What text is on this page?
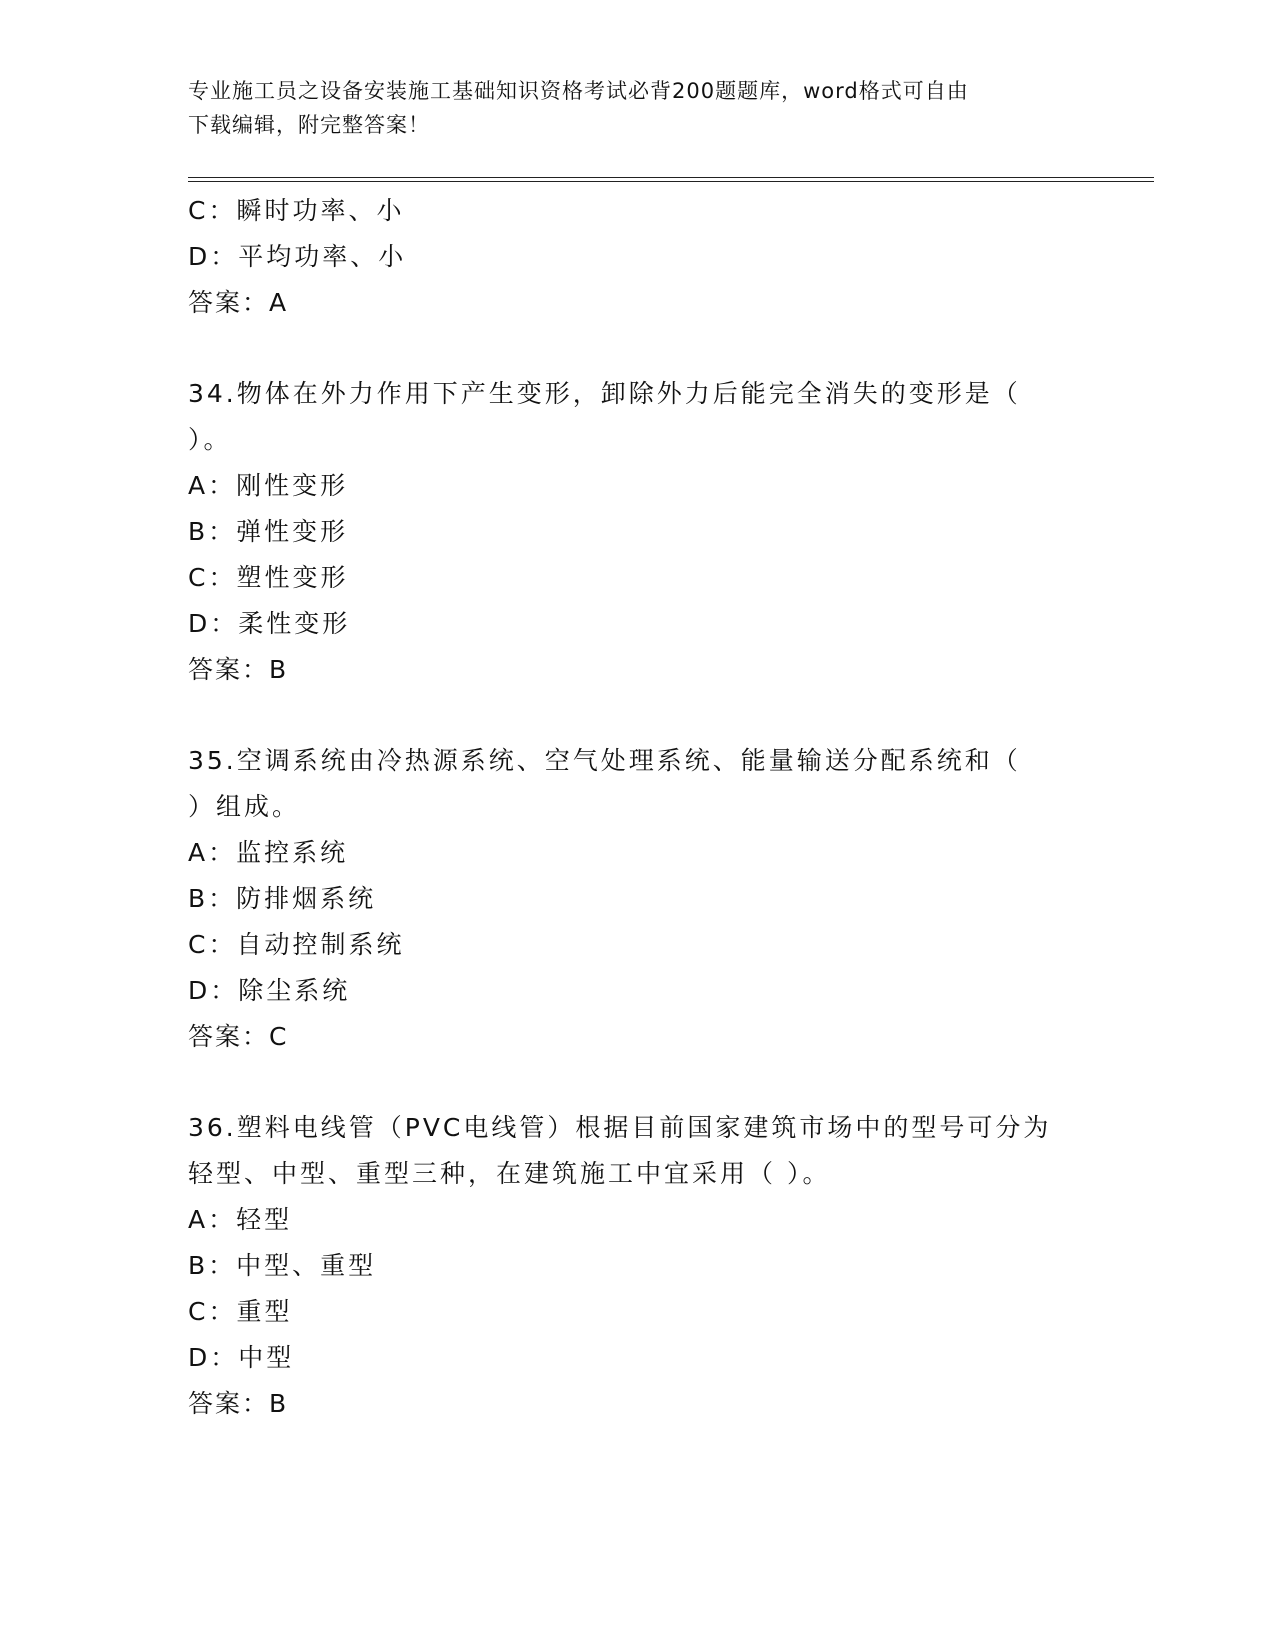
专业施工员之设备安装施工基础知识资格考试必背200题题库，word格式可自由
下载编辑，附完整答案！
C：瞬时功率、小
D：平均功率、小
答案：A
34.物体在外力作用下产生变形，卸除外力后能完全消失的变形是（
）。
A：刚性变形
B：弹性变形
C：塑性变形
D：柔性变形
答案：B
35.空调系统由冷热源系统、空气处理系统、能量输送分配系统和（
）组成。
A：监控系统
B：防排烟系统
C：自动控制系统
D：除尘系统
答案：C
36.塑料电线管（PVC电线管）根据目前国家建筑市场中的型号可分为
轻型、中型、重型三种，在建筑施工中宜采用（ ）。
A：轻型
B：中型、重型
C：重型
D：中型
答案：B
